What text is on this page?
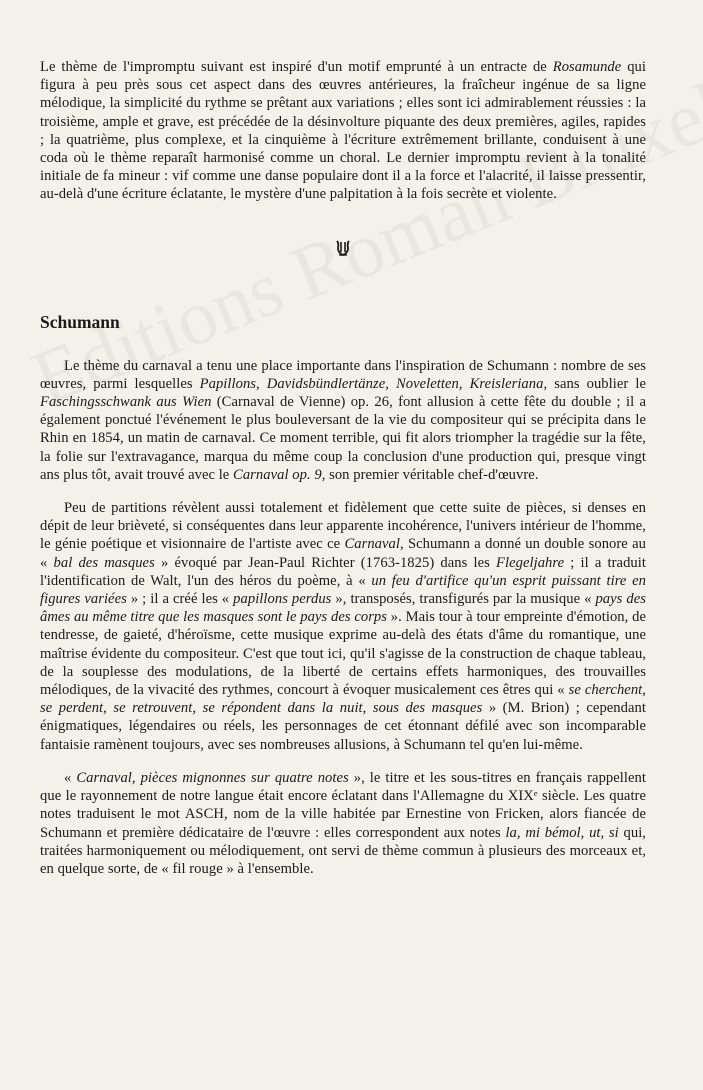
Le thème de l'impromptu suivant est inspiré d'un motif emprunté à un entracte de Rosamunde qui figura à peu près sous cet aspect dans des œuvres antérieures, la fraîcheur ingénue de sa ligne mélodique, la simplicité du rythme se prêtant aux variations ; elles sont ici admirablement réussies : la troisième, ample et grave, est précédée de la désinvolture piquante des deux premières, agiles, rapides ; la quatrième, plus complexe, et la cinquième à l'écriture extrêmement brillante, conduisent à une coda où le thème reparaît harmonisé comme un choral. Le dernier impromptu revient à la tonalité initiale de fa mineur : vif comme une danse populaire dont il a la force et l'alacrité, il laisse pressentir, au-delà d'une écriture éclatante, le mystère d'une palpitation à la fois secrète et violente.

Schumann

Le thème du carnaval a tenu une place importante dans l'inspiration de Schumann : nombre de ses œuvres, parmi lesquelles Papillons, Davidsbündlertänze, Noveletten, Kreisleriana, sans oublier le Faschingsschwank aus Wien (Carnaval de Vienne) op. 26, font allusion à cette fête du double ; il a également ponctué l'événement le plus bouleversant de la vie du compositeur qui se précipita dans le Rhin en 1854, un matin de carnaval. Ce moment terrible, qui fit alors triompher la tragédie sur la fête, la folie sur l'extravagance, marqua du même coup la conclusion d'une production qui, presque vingt ans plus tôt, avait trouvé avec le Carnaval op. 9, son premier véritable chef-d'œuvre.

Peu de partitions révèlent aussi totalement et fidèlement que cette suite de pièces, si denses en dépit de leur brièveté, si conséquentes dans leur apparente incohérence, l'univers intérieur de l'homme, le génie poétique et visionnaire de l'artiste avec ce Carnaval, Schumann a donné un double sonore au « bal des masques » évoqué par Jean-Paul Richter (1763-1825) dans les Flegeljahre ; il a traduit l'identification de Walt, l'un des héros du poème, à « un feu d'artifice qu'un esprit puissant tire en figures variées » ; il a créé les « papillons perdus », transposés, transfigurés par la musique « pays des âmes au même titre que les masques sont le pays des corps ». Mais tour à tour empreinte d'émotion, de tendresse, de gaieté, d'héroïsme, cette musique exprime au-delà des états d'âme du romantique, une maîtrise évidente du compositeur. C'est que tout ici, qu'il s'agisse de la construction de chaque tableau, de la souplesse des modulations, de la liberté de certains effets harmoniques, des trouvailles mélodiques, de la vivacité des rythmes, concourt à évoquer musicalement ces êtres qui « se cherchent, se perdent, se retrouvent, se répondent dans la nuit, sous des masques » (M. Brion) ; cependant énigmatiques, légendaires ou réels, les personnages de cet étonnant défilé avec son incomparable fantaisie ramènent toujours, avec ses nombreuses allusions, à Schumann tel qu'en lui-même.

« Carnaval, pièces mignonnes sur quatre notes », le titre et les sous-titres en français rappellent que le rayonnement de notre langue était encore éclatant dans l'Allemagne du XIXᵉ siècle. Les quatre notes traduisent le mot ASCH, nom de la ville habitée par Ernestine von Fricken, alors fiancée de Schumann et première dédicataire de l'œuvre : elles correspondent aux notes la, mi bémol, ut, si qui, traitées harmoniquement ou mélodiquement, ont servi de thème commun à plusieurs des morceaux et, en quelque sorte, de « fil rouge » à l'ensemble.
